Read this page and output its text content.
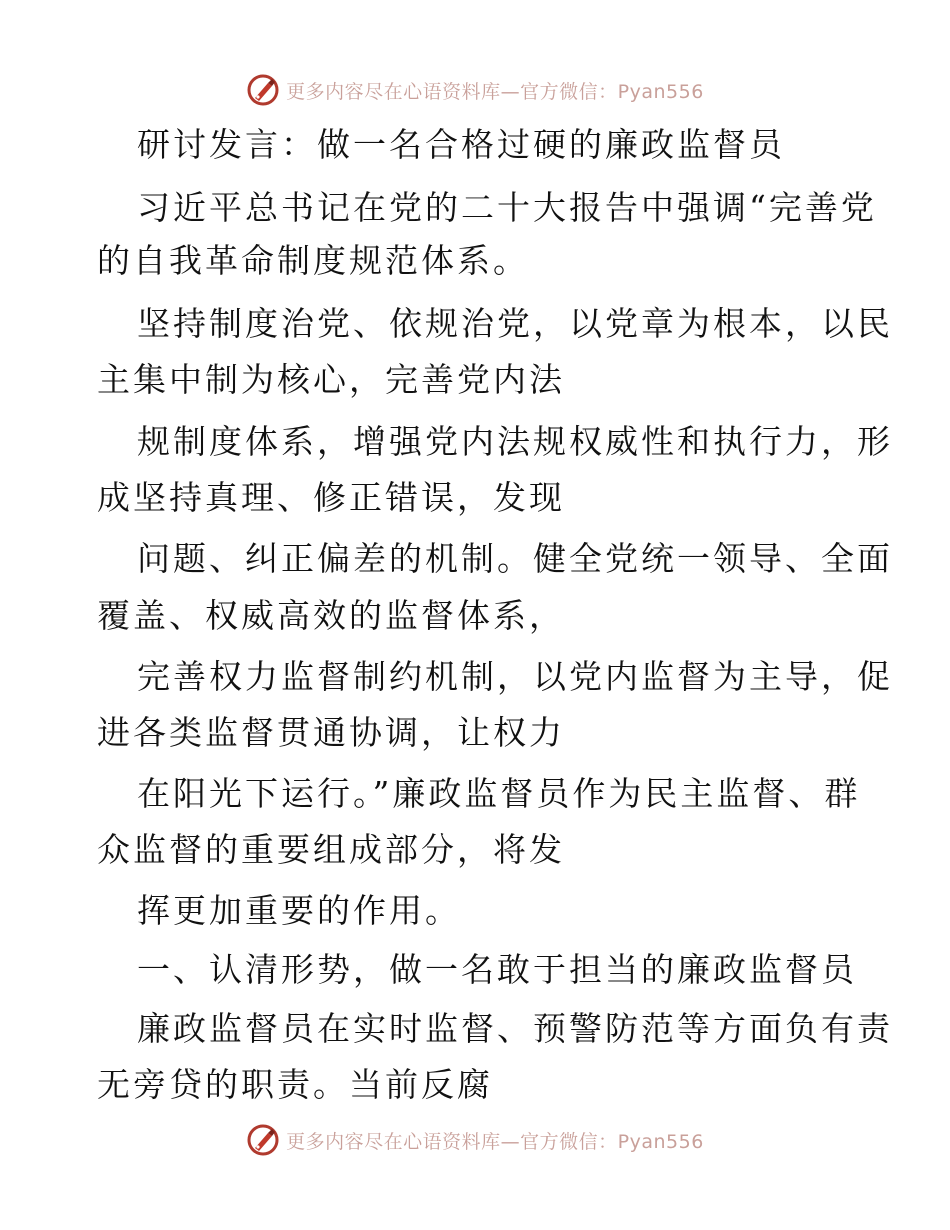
更多内容尽在心语资料库—官方微信：Pyan556
研讨发言：做一名合格过硬的廉政监督员
习近平总书记在党的二十大报告中强调“完善党
的自我革命制度规范体系。
坚持制度治党、依规治党，以党章为根本，以民
主集中制为核心，完善党内法
规制度体系，增强党内法规权威性和执行力，形
成坚持真理、修正错误，发现
问题、纠正偏差的机制。健全党统一领导、全面
覆盖、权威高效的监督体系，
完善权力监督制约机制，以党内监督为主导，促
进各类监督贯通协调，让权力
在阳光下运行。”廉政监督员作为民主监督、群
众监督的重要组成部分，将发
挥更加重要的作用。
一、认清形势，做一名敢于担当的廉政监督员
廉政监督员在实时监督、预警防范等方面负有责
无旁贷的职责。当前反腐
更多内容尽在心语资料库—官方微信：Pyan556
